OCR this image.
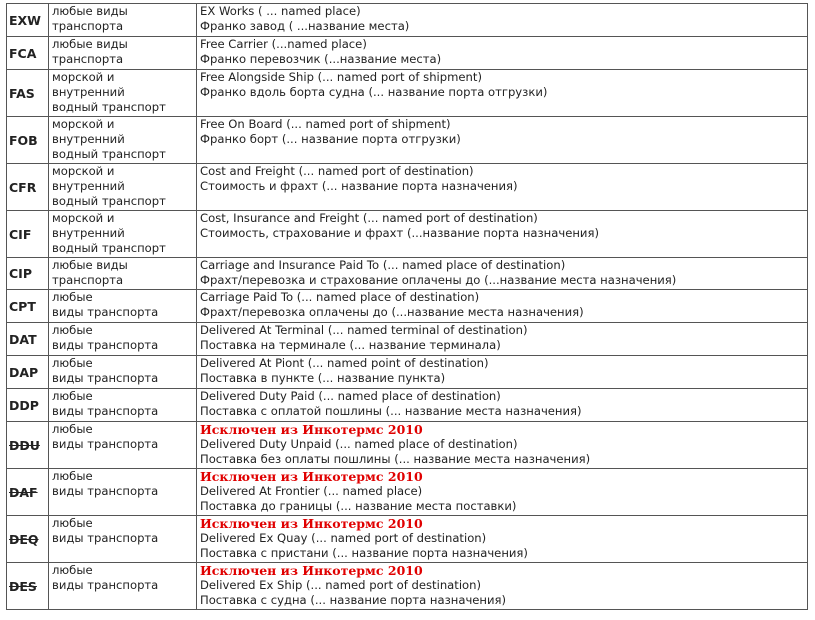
EXW	любые виды
транспорта	EX Works ( ... named place)
Франко завод ( ...название места)

FCA	любые виды
транспорта	Free Carrier (...named place)
Франко перевозчик (...название места)

FAS	морской и
внутренний
водный транспорт	Free Alongside Ship (... named port of shipment)
Франко вдоль борта судна (... название порта отгрузки)

FOB	морской и
внутренний
водный транспорт	Free On Board (... named port of shipment)
Франко борт (... название порта отгрузки)

CFR	морской и
внутренний
водный транспорт	Cost and Freight (... named port of destination)
Стоимость и фрахт (... название порта назначения)

CIF	морской и
внутренний
водный транспорт	Cost, Insurance and Freight (... named port of destination)
Стоимость, страхование и фрахт (...название порта назначения)

CIP	любые виды
транспорта	Carriage and Insurance Paid To (... named place of destination)
Фрахт/перевозка и страхование оплачены до (...название места назначения)

CPT	любые
виды транспорта	Carriage Paid To (... named place of destination)
Фрахт/перевозка оплачены до (...название места назначения)

DAT	любые
виды транспорта	Delivered At Terminal (... named terminal of destination)
Поставка на терминале (... название терминала)

DAP	любые
виды транспорта	Delivered At Piont (... named point of destination)
Поставка в пункте (... название пункта)

DDP	любые
виды транспорта	Delivered Duty Paid (... named place of destination)
Поставка с оплатой пошлины (... название места назначения)

DDU	любые
виды транспорта	Исключен из Инкотермс 2010
Delivered Duty Unpaid (... named place of destination)
Поставка без оплаты пошлины (... название места назначения)

DAF	любые
виды транспорта	Исключен из Инкотермс 2010
Delivered At Frontier (... named place)
Поставка до границы (... название места поставки)

DEQ	любые
виды транспорта	Исключен из Инкотермс 2010
Delivered Ex Quay (... named port of destination)
Поставка с пристани (... название порта назначения)

DES	любые
виды транспорта	Исключен из Инкотермс 2010
Delivered Ex Ship (... named port of destination)
Поставка с судна (... название порта назначения)
